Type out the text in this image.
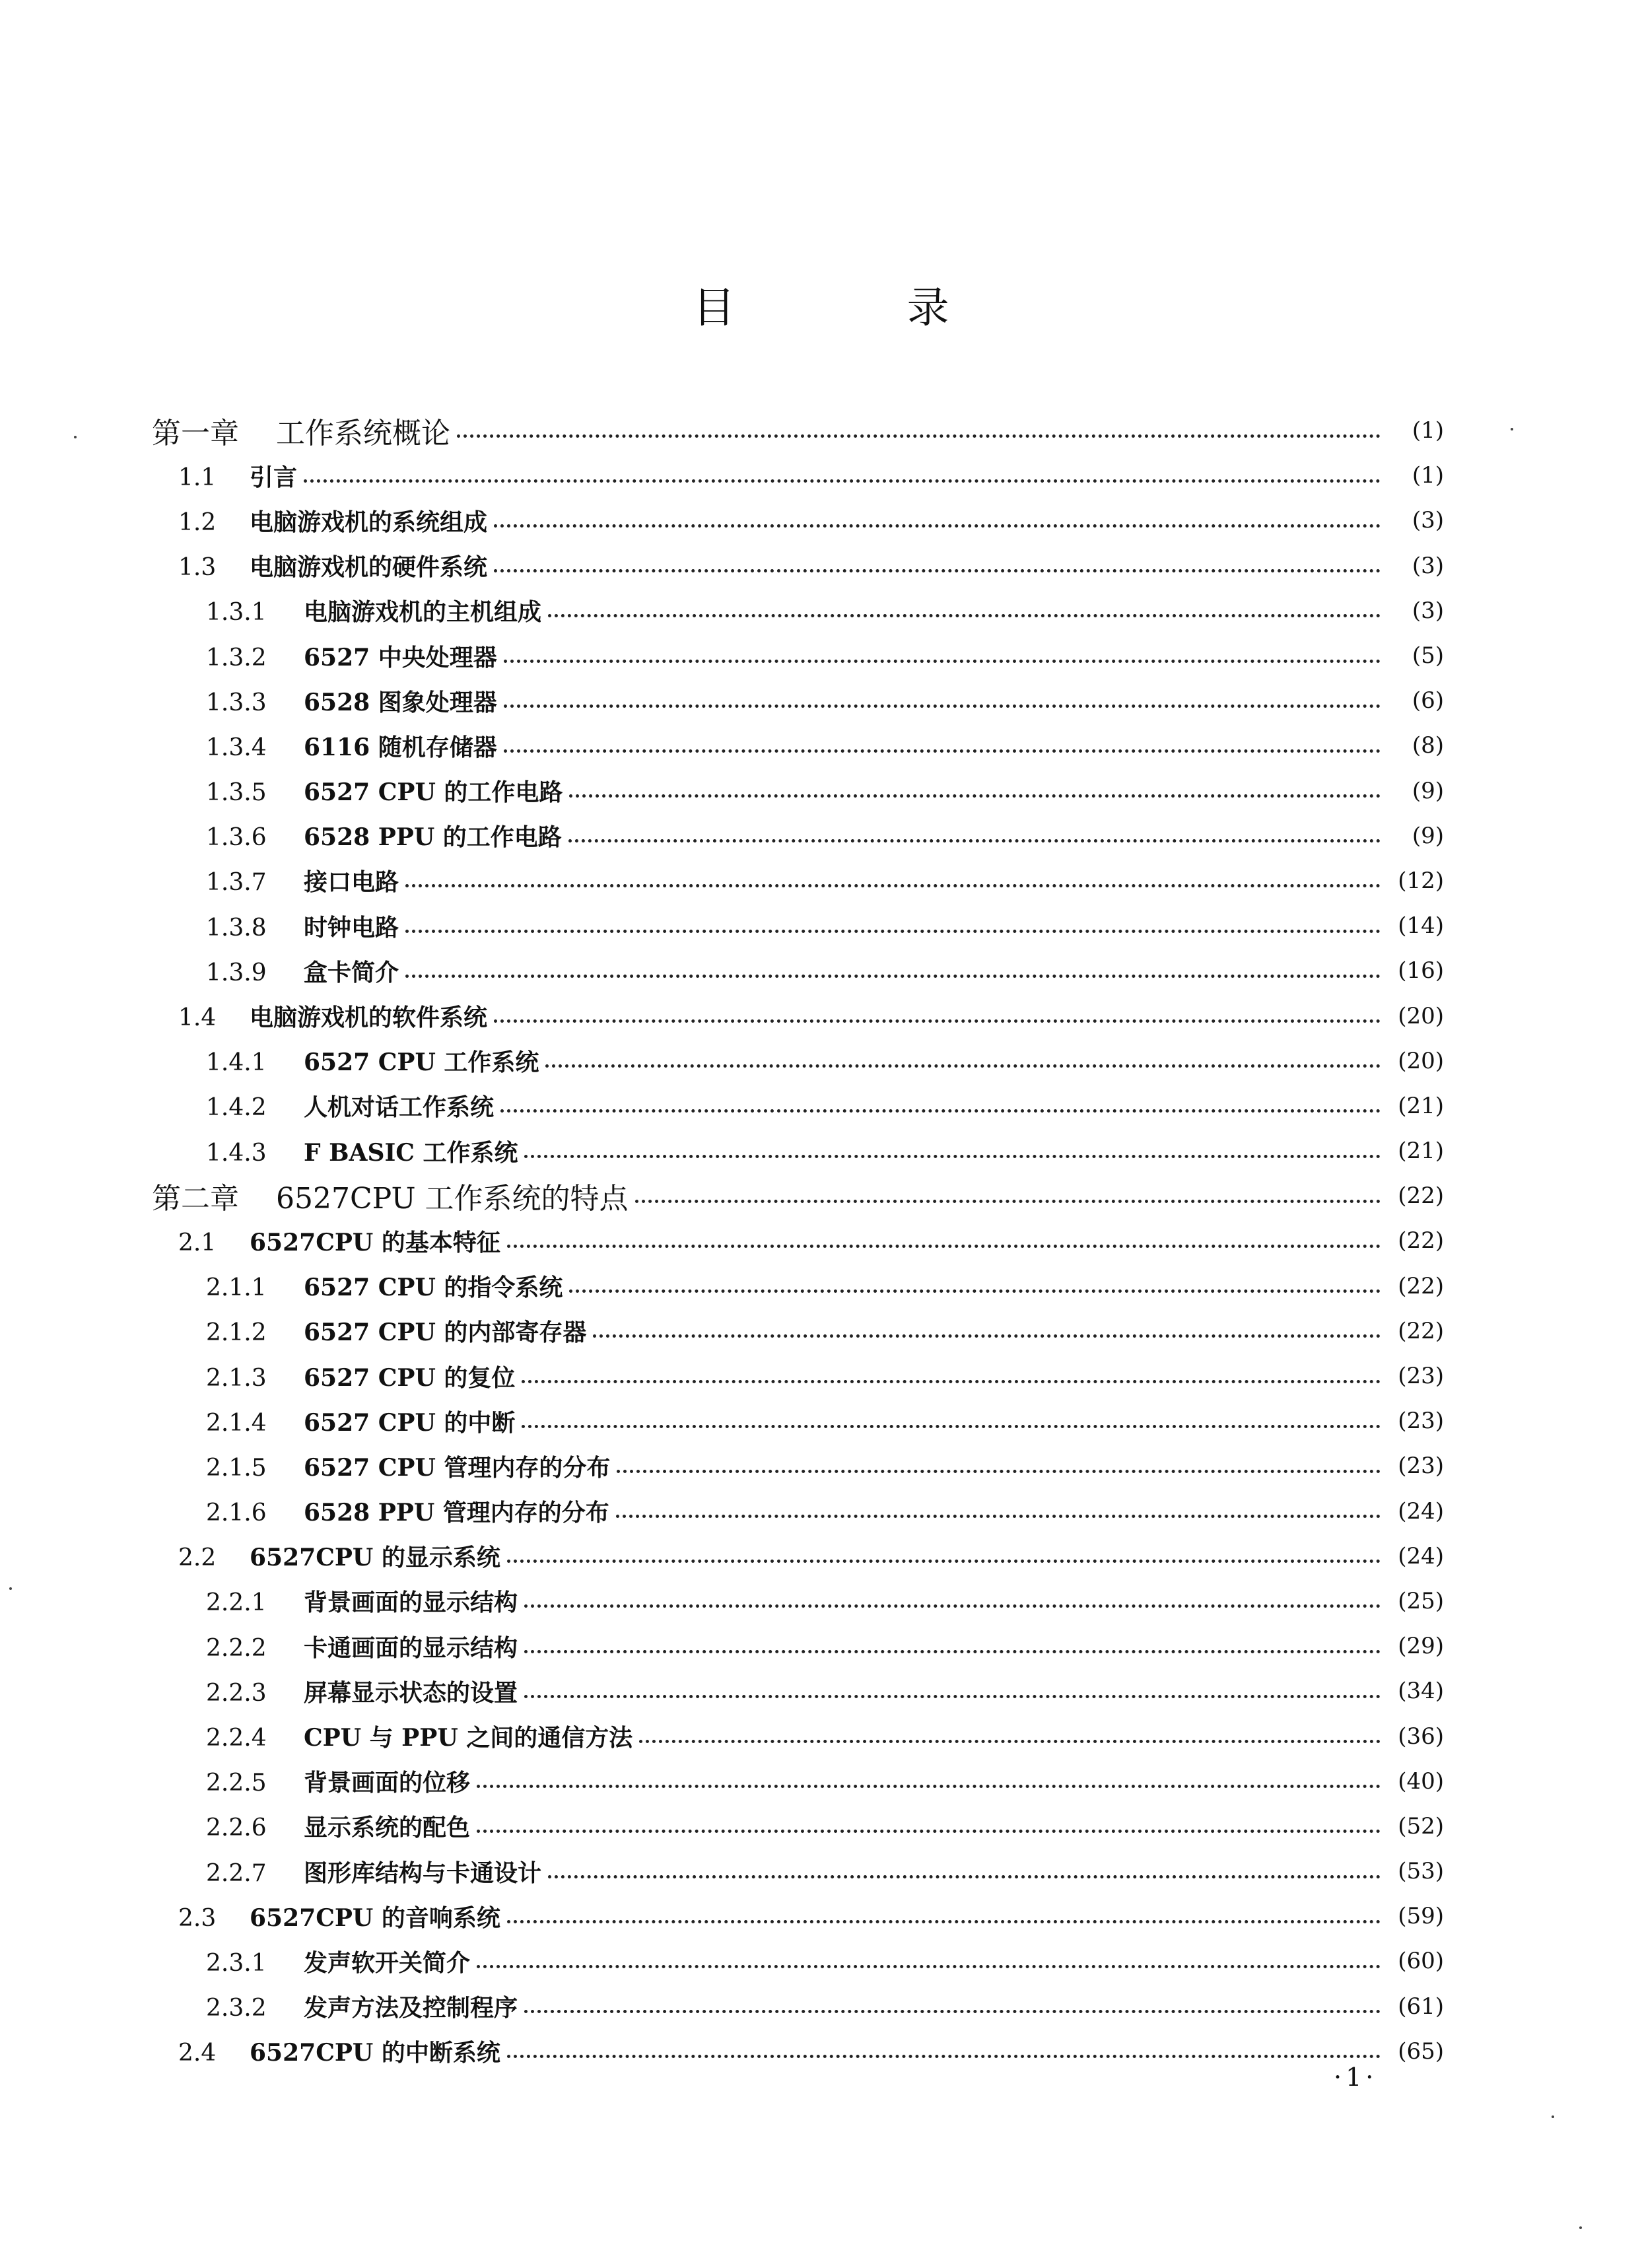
目 录
第一章 工作系统概论	(1)
1.1 引言	(1)
1.2 电脑游戏机的系统组成	(3)
1.3 电脑游戏机的硬件系统	(3)
1.3.1 电脑游戏机的主机组成	(3)
1.3.2 6527 中央处理器	(5)
1.3.3 6528 图象处理器	(6)
1.3.4 6116 随机存储器	(8)
1.3.5 6527 CPU 的工作电路	(9)
1.3.6 6528 PPU 的工作电路	(9)
1.3.7 接口电路	(12)
1.3.8 时钟电路	(14)
1.3.9 盒卡简介	(16)
1.4 电脑游戏机的软件系统	(20)
1.4.1 6527 CPU 工作系统	(20)
1.4.2 人机对话工作系统	(21)
1.4.3 F BASIC 工作系统	(21)
第二章 6527CPU 工作系统的特点	(22)
2.1 6527CPU 的基本特征	(22)
2.1.1 6527 CPU 的指令系统	(22)
2.1.2 6527 CPU 的内部寄存器	(22)
2.1.3 6527 CPU 的复位	(23)
2.1.4 6527 CPU 的中断	(23)
2.1.5 6527 CPU 管理内存的分布	(23)
2.1.6 6528 PPU 管理内存的分布	(24)
2.2 6527CPU 的显示系统	(24)
2.2.1 背景画面的显示结构	(25)
2.2.2 卡通画面的显示结构	(29)
2.2.3 屏幕显示状态的设置	(34)
2.2.4 CPU 与 PPU 之间的通信方法	(36)
2.2.5 背景画面的位移	(40)
2.2.6 显示系统的配色	(52)
2.2.7 图形库结构与卡通设计	(53)
2.3 6527CPU 的音响系统	(59)
2.3.1 发声软开关简介	(60)
2.3.2 发声方法及控制程序	(61)
2.4 6527CPU 的中断系统	(65)
·1·
